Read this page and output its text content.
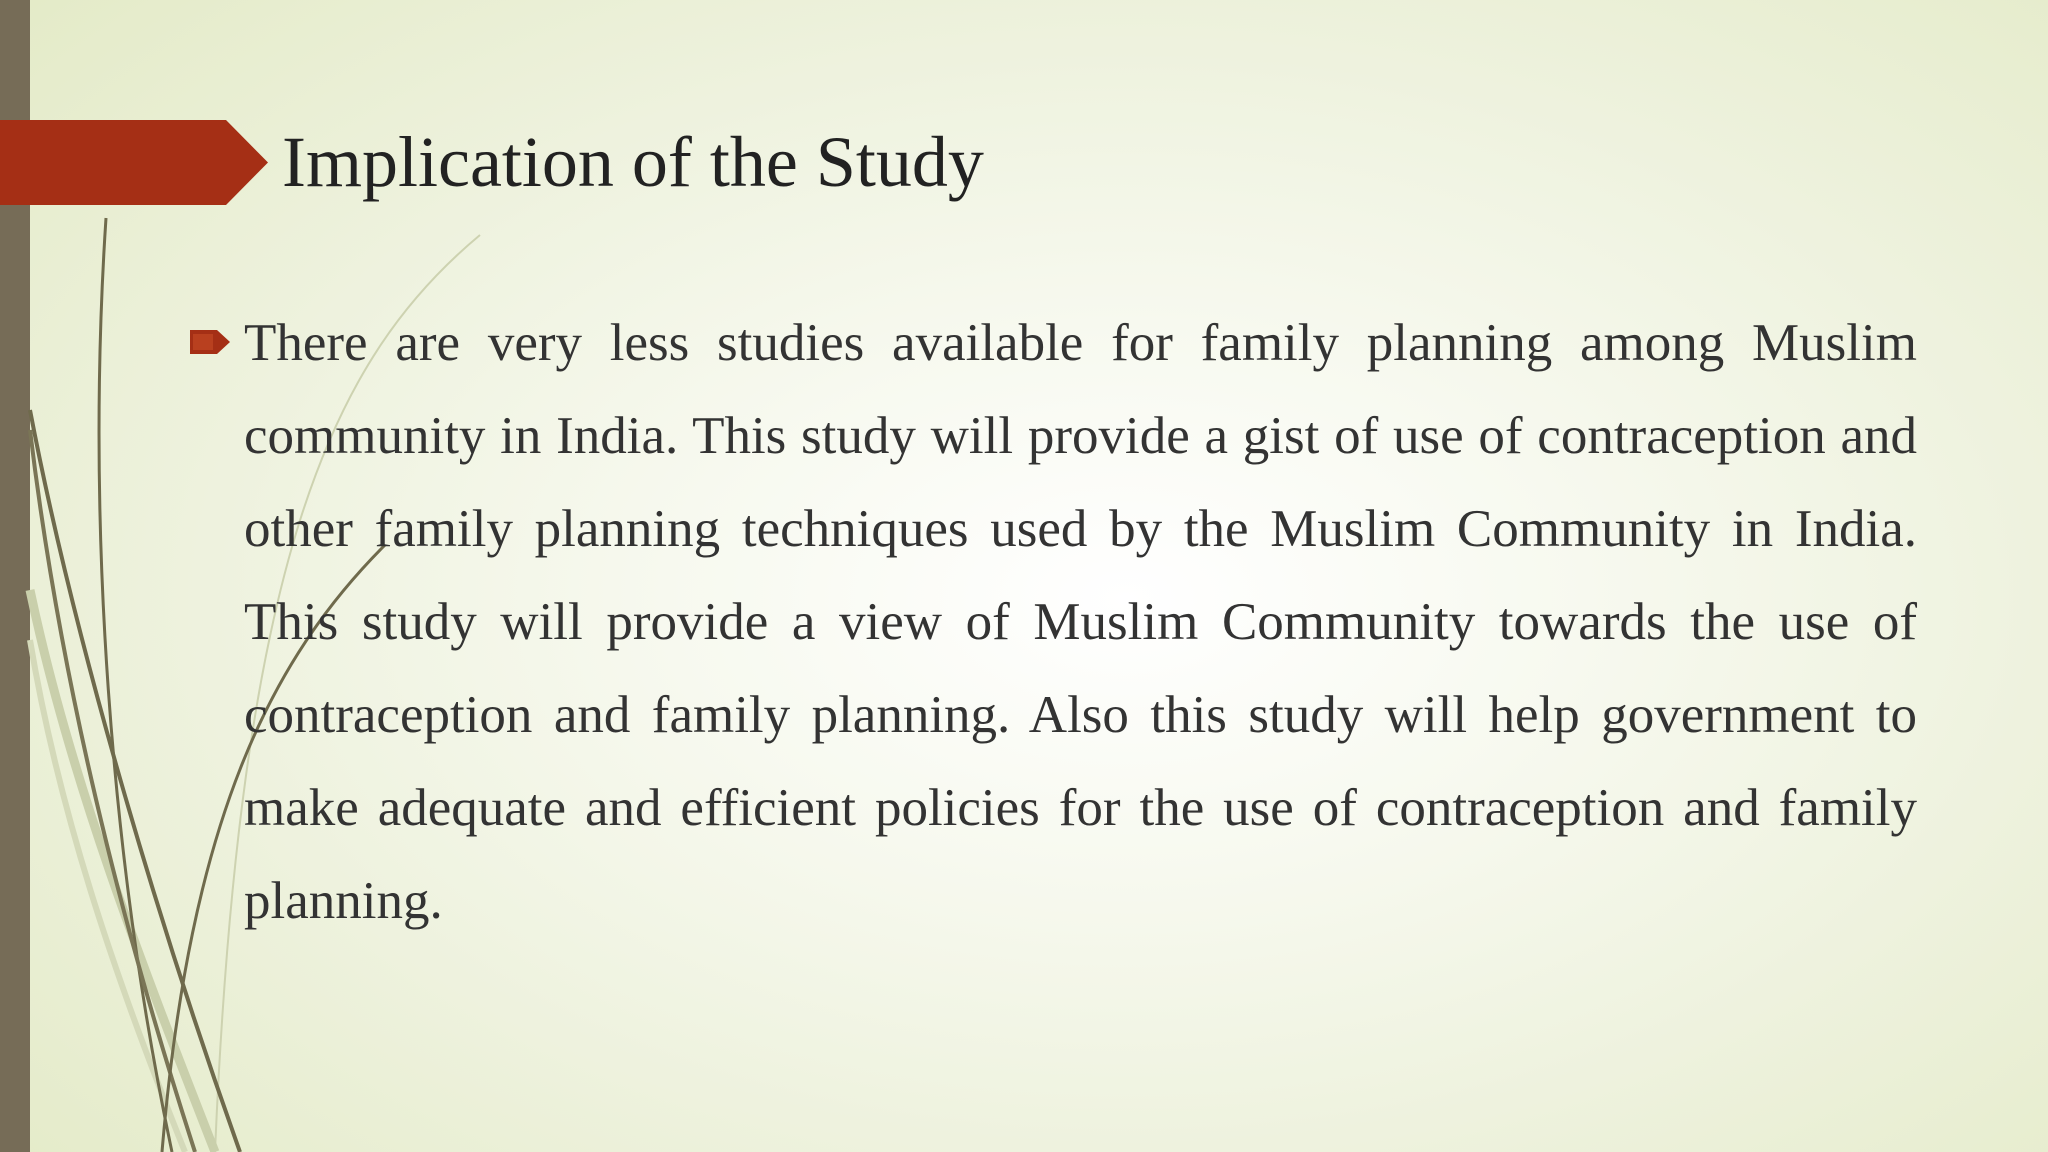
Implication of the Study

There are very less studies available for family planning among Muslim community in India. This study will provide a gist of use of contraception and other family planning techniques used by the Muslim Community in India. This study will provide a view of Muslim Community towards the use of contraception and family planning. Also this study will help government to make adequate and efficient policies for the use of contraception and family planning.
